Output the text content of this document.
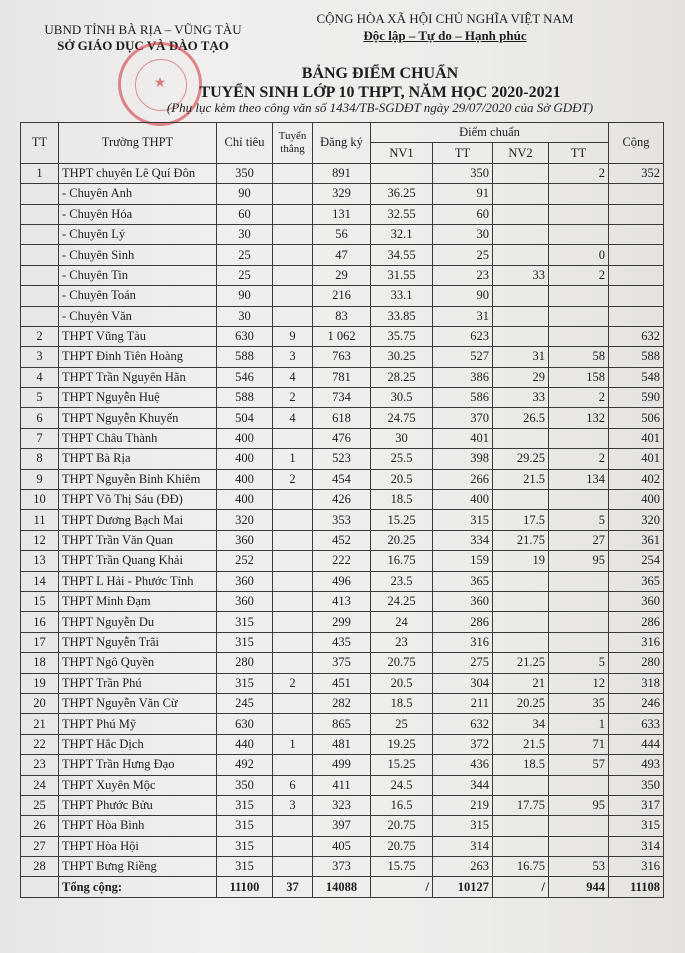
UBND TỈNH BÀ RỊA – VŨNG TÀU
SỞ GIÁO DỤC VÀ ĐÀO TẠO
CỘNG HÒA XÃ HỘI CHỦ NGHĨA VIỆT NAM
Độc lập – Tự do – Hạnh phúc
★
BẢNG ĐIỂM CHUẨN
TUYỂN SINH LỚP 10 THPT, NĂM HỌC 2020-2021
(Phụ lục kèm theo công văn số 1434/TB-SGDĐT ngày 29/07/2020 của Sở GDĐT)
TT	Trường THPT	Chỉ tiêu	Tuyển thẳng	Đăng ký	Điểm chuẩn				Cộng
					NV1	TT	NV2	TT	
1	THPT chuyên Lê Quí Đôn	350		891		350		2	352
	- Chuyên Anh	90		329	36.25	91			
	- Chuyên Hóa	60		131	32.55	60			
	- Chuyên Lý	30		56	32.1	30			
	- Chuyên Sinh	25		47	34.55	25		0	
	- Chuyên Tin	25		29	31.55	23	33	2	
	- Chuyên Toán	90		216	33.1	90			
	- Chuyên Văn	30		83	33.85	31			
2	THPT Vũng Tàu	630	9	1 062	35.75	623			632
3	THPT Đinh Tiên Hoàng	588	3	763	30.25	527	31	58	588
4	THPT Trần Nguyên Hãn	546	4	781	28.25	386	29	158	548
5	THPT Nguyễn Huệ	588	2	734	30.5	586	33	2	590
6	THPT Nguyễn Khuyến	504	4	618	24.75	370	26.5	132	506
7	THPT Châu Thành	400		476	30	401			401
8	THPT Bà Rịa	400	1	523	25.5	398	29.25	2	401
9	THPT Nguyễn Bỉnh Khiêm	400	2	454	20.5	266	21.5	134	402
10	THPT Võ Thị Sáu (ĐĐ)	400		426	18.5	400			400
11	THPT Dương Bạch Mai	320		353	15.25	315	17.5	5	320
12	THPT Trần Văn Quan	360		452	20.25	334	21.75	27	361
13	THPT Trần Quang Khải	252		222	16.75	159	19	95	254
14	THPT L Hải - Phước Tỉnh	360		496	23.5	365			365
15	THPT Minh Đạm	360		413	24.25	360			360
16	THPT Nguyễn Du	315		299	24	286			286
17	THPT Nguyễn Trãi	315		435	23	316			316
18	THPT Ngô Quyền	280		375	20.75	275	21.25	5	280
19	THPT Trần Phú	315	2	451	20.5	304	21	12	318
20	THPT Nguyễn Văn Cừ	245		282	18.5	211	20.25	35	246
21	THPT Phú Mỹ	630		865	25	632	34	1	633
22	THPT Hắc Dịch	440	1	481	19.25	372	21.5	71	444
23	THPT Trần Hưng Đạo	492		499	15.25	436	18.5	57	493
24	THPT Xuyên Mộc	350	6	411	24.5	344			350
25	THPT Phước Bửu	315	3	323	16.5	219	17.75	95	317
26	THPT Hòa Bình	315		397	20.75	315			315
27	THPT Hòa Hội	315		405	20.75	314			314
28	THPT Bưng Riềng	315		373	15.75	263	16.75	53	316
	Tổng cộng:	11100	37	14088	/	10127	/	944	11108
